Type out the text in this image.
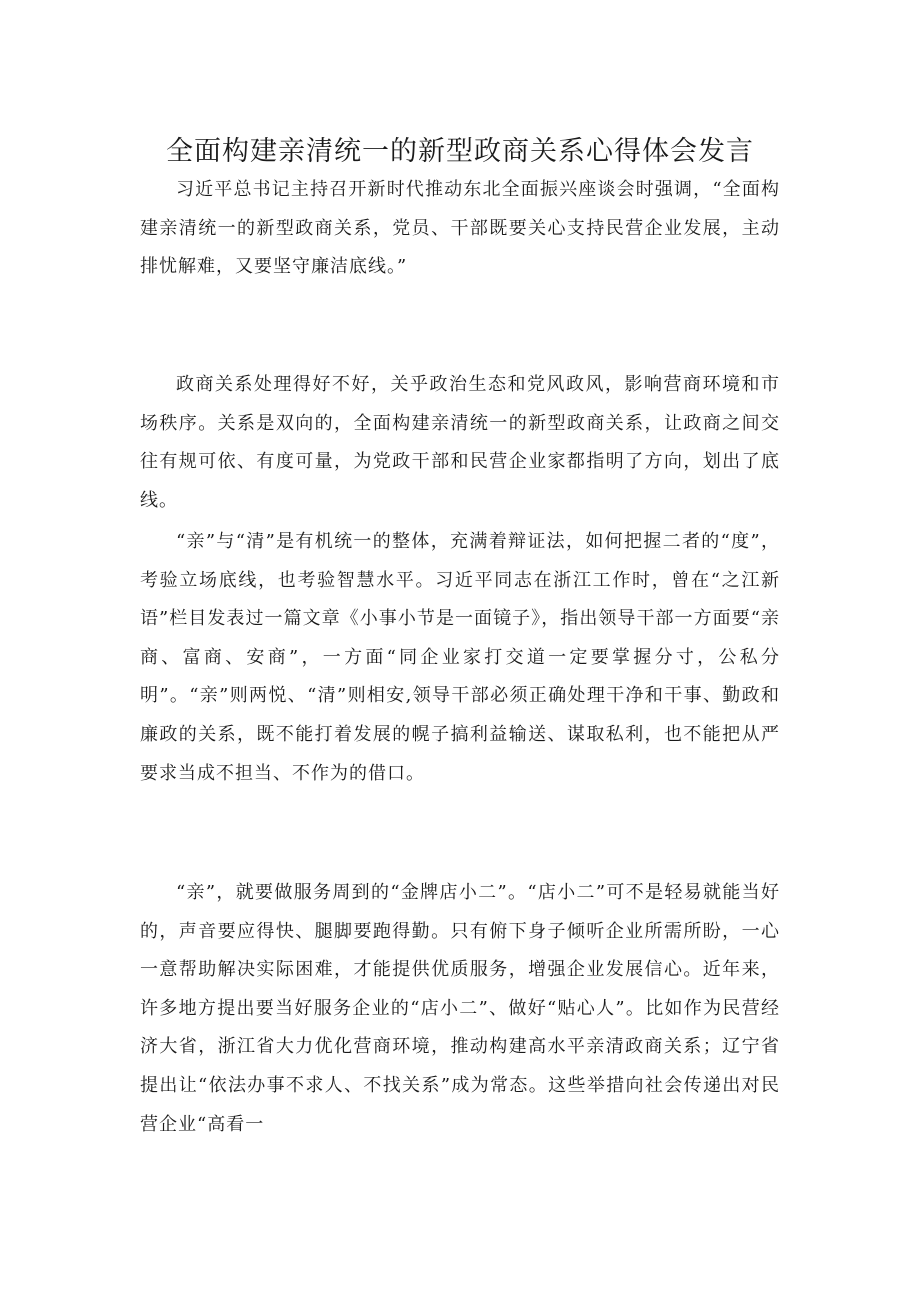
全面构建亲清统一的新型政商关系心得体会发言

习近平总书记主持召开新时代推动东北全面振兴座谈会时强调，“全面构建亲清统一的新型政商关系，党员、干部既要关心支持民营企业发展，主动排忧解难，又要坚守廉洁底线。”

政商关系处理得好不好，关乎政治生态和党风政风，影响营商环境和市场秩序。关系是双向的，全面构建亲清统一的新型政商关系，让政商之间交往有规可依、有度可量，为党政干部和民营企业家都指明了方向，划出了底线。

“亲”与“清”是有机统一的整体，充满着辩证法，如何把握二者的“度”，考验立场底线，也考验智慧水平。习近平同志在浙江工作时，曾在“之江新语”栏目发表过一篇文章《小事小节是一面镜子》，指出领导干部一方面要“亲商、富商、安商”，一方面“同企业家打交道一定要掌握分寸，公私分明”。“亲”则两悦、“清”则相安,领导干部必须正确处理干净和干事、勤政和廉政的关系，既不能打着发展的幌子搞利益输送、谋取私利，也不能把从严要求当成不担当、不作为的借口。

“亲”，就要做服务周到的“金牌店小二”。“店小二”可不是轻易就能当好的，声音要应得快、腿脚要跑得勤。只有俯下身子倾听企业所需所盼，一心一意帮助解决实际困难，才能提供优质服务，增强企业发展信心。近年来，许多地方提出要当好服务企业的“店小二”、做好“贴心人”。比如作为民营经济大省，浙江省大力优化营商环境，推动构建高水平亲清政商关系；辽宁省提出让“依法办事不求人、不找关系”成为常态。这些举措向社会传递出对民营企业“高看一
